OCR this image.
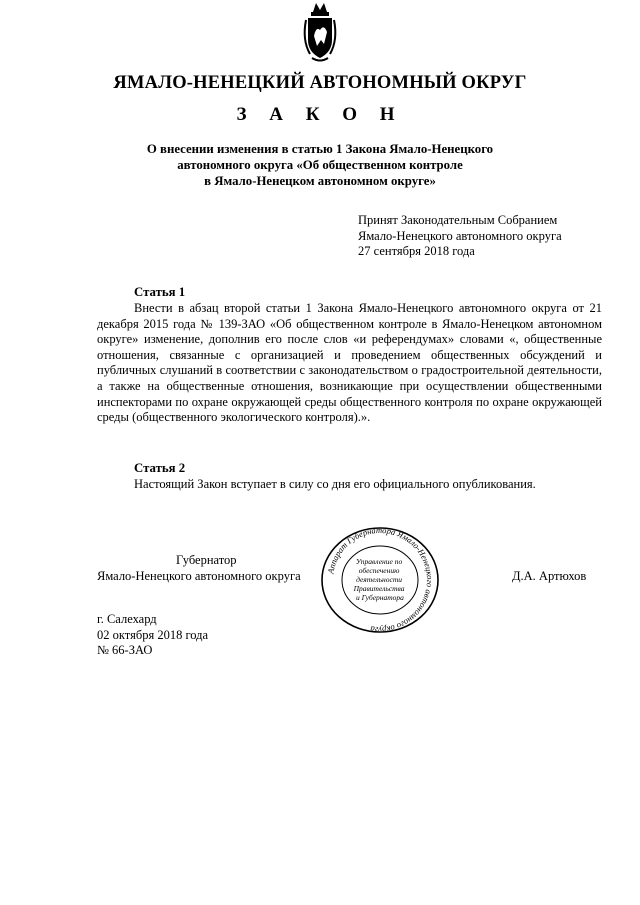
ЯМАЛО-НЕНЕЦКИЙ АВТОНОМНЫЙ ОКРУГ
З А К О Н
О внесении изменения в статью 1 Закона Ямало-Ненецкого
автономного округа «Об общественном контроле
в Ямало-Ненецком автономном округе»
Принят Законодательным Собранием
Ямало-Ненецкого автономного округа
27 сентября 2018 года
Статья 1
Внести в абзац второй статьи 1 Закона Ямало-Ненецкого автономного округа от 21 декабря 2015 года № 139-ЗАО «Об общественном контроле в Ямало-Ненецком автономном округе» изменение, дополнив его после слов «и референдумах» словами «, общественные отношения, связанные с организацией и проведением общественных обсуждений и публичных слушаний в соответствии с законодательством о градостроительной деятельности, а также на общественные отношения, возникающие при осуществлении общественными инспекторами по охране окружающей среды общественного контроля по охране окружающей среды (общественного экологического контроля).».
Статья 2
Настоящий Закон вступает в силу со дня его официального опубликования.
Губернатор
Ямало-Ненецкого автономного округа	Д.А. Артюхов
Аппарат Губернатора Ямало-Ненецкого автономного округа
Управление по обеспечению деятельности Правительства и Губернатора
г. Салехард
02 октября 2018 года
№ 66-ЗАО
